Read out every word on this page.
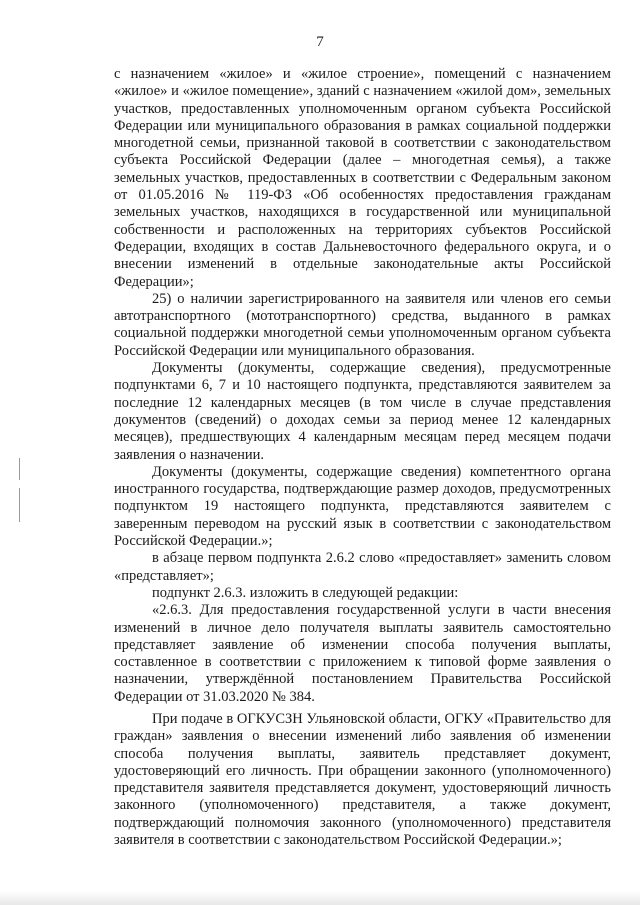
7

с назначением «жилое» и «жилое строение», помещений с назначением «жилое» и «жилое помещение», зданий с назначением «жилой дом», земельных участков, предоставленных уполномоченным органом субъекта Российской Федерации или муниципального образования в рамках социальной поддержки многодетной семьи, признанной таковой в соответствии с законодательством субъекта Российской Федерации (далее – многодетная семья), а также земельных участков, предоставленных в соответствии с Федеральным законом от 01.05.2016 № 119-ФЗ «Об особенностях предоставления гражданам земельных участков, находящихся в государственной или муниципальной собственности и расположенных на территориях субъектов Российской Федерации, входящих в состав Дальневосточного федерального округа, и о внесении изменений в отдельные законодательные акты Российской Федерации»;

25) о наличии зарегистрированного на заявителя или членов его семьи автотранспортного (мототранспортного) средства, выданного в рамках социальной поддержки многодетной семьи уполномоченным органом субъекта Российской Федерации или муниципального образования.

Документы (документы, содержащие сведения), предусмотренные подпунктами 6, 7 и 10 настоящего подпункта, представляются заявителем за последние 12 календарных месяцев (в том числе в случае представления документов (сведений) о доходах семьи за период менее 12 календарных месяцев), предшествующих 4 календарным месяцам перед месяцем подачи заявления о назначении.

Документы (документы, содержащие сведения) компетентного органа иностранного государства, подтверждающие размер доходов, предусмотренных подпунктом 19 настоящего подпункта, представляются заявителем с заверенным переводом на русский язык в соответствии с законодательством Российской Федерации.»;

в абзаце первом подпункта 2.6.2 слово «предоставляет» заменить словом «представляет»;

подпункт 2.6.3. изложить в следующей редакции:

«2.6.3. Для предоставления государственной услуги в части внесения изменений в личное дело получателя выплаты заявитель самостоятельно представляет заявление об изменении способа получения выплаты, составленное в соответствии с приложением к типовой форме заявления о назначении, утверждённой постановлением Правительства Российской Федерации от 31.03.2020 № 384.

При подаче в ОГКУСЗН Ульяновской области, ОГКУ «Правительство для граждан» заявления о внесении изменений либо заявления об изменении способа получения выплаты, заявитель представляет документ, удостоверяющий его личность. При обращении законного (уполномоченного) представителя заявителя представляется документ, удостоверяющий личность законного (уполномоченного) представителя, а также документ, подтверждающий полномочия законного (уполномоченного) представителя заявителя в соответствии с законодательством Российской Федерации.»;
